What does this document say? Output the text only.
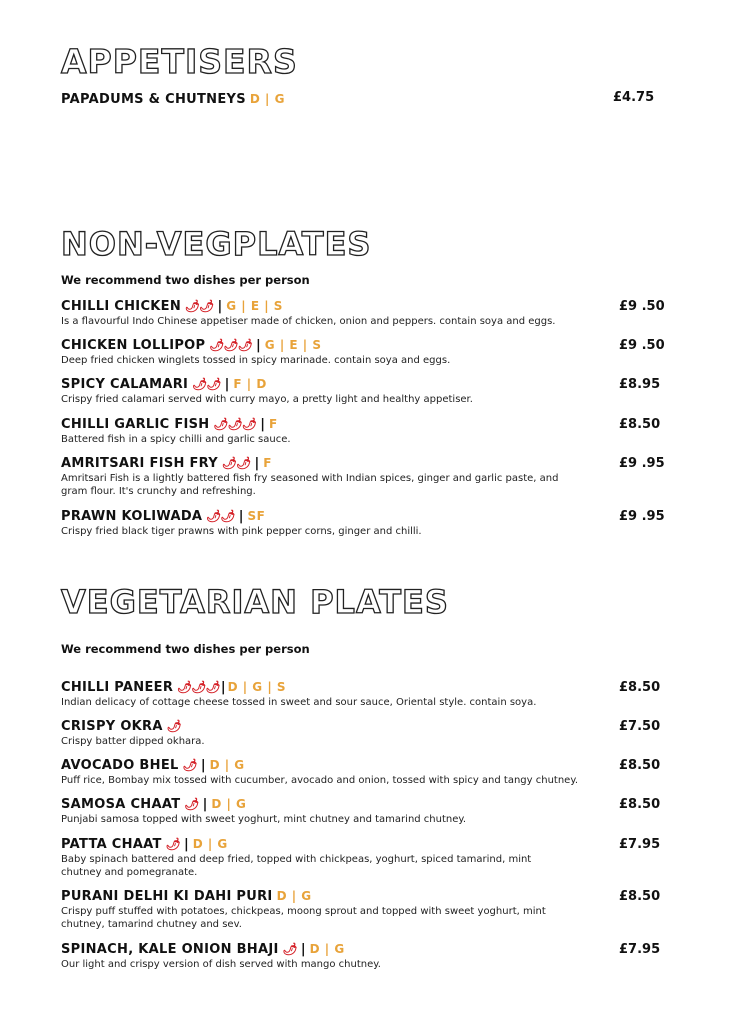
APPETISERS
PAPADUMS & CHUTNEYS D | G	£4.75
NON-VEGPLATES
We recommend two dishes per person
CHILLI CHICKEN 🌶🌶 | G | E | S	£9 .50
Is a flavourful Indo Chinese appetiser made of chicken, onion and peppers. contain soya and eggs.
CHICKEN LOLLIPOP 🌶🌶🌶 | G | E | S	£9 .50
Deep fried chicken winglets tossed in spicy marinade. contain soya and eggs.
SPICY CALAMARI 🌶🌶 | F | D	£8.95
Crispy fried calamari served with curry mayo, a pretty light and healthy appetiser.
CHILLI GARLIC FISH 🌶🌶🌶 | F	£8.50
Battered fish in a spicy chilli and garlic sauce.
AMRITSARI FISH FRY 🌶🌶 | F	£9 .95
Amritsari Fish is a lightly battered fish fry seasoned with Indian spices, ginger and garlic paste, and gram flour. It's crunchy and refreshing.
PRAWN KOLIWADA 🌶🌶 | SF	£9 .95
Crispy fried black tiger prawns with pink pepper corns, ginger and chilli.
VEGETARIAN PLATES
We recommend two dishes per person
CHILLI PANEER 🌶🌶🌶 | D | G | S	£8.50
Indian delicacy of cottage cheese tossed in sweet and sour sauce, Oriental style. contain soya.
CRISPY OKRA 🌶	£7.50
Crispy batter dipped okhara.
AVOCADO BHEL 🌶 | D | G	£8.50
Puff rice, Bombay mix tossed with cucumber, avocado and onion, tossed with spicy and tangy chutney.
SAMOSA CHAAT 🌶 | D | G	£8.50
Punjabi samosa topped with sweet yoghurt, mint chutney and tamarind chutney.
PATTA CHAAT 🌶 | D | G	£7.95
Baby spinach battered and deep fried, topped with chickpeas, yoghurt, spiced tamarind, mint chutney and pomegranate.
PURANI DELHI KI DAHI PURI D | G	£8.50
Crispy puff stuffed with potatoes, chickpeas, moong sprout and topped with sweet yoghurt, mint chutney, tamarind chutney and sev.
SPINACH, KALE ONION BHAJI 🌶 | D | G	£7.95
Our light and crispy version of dish served with mango chutney.
